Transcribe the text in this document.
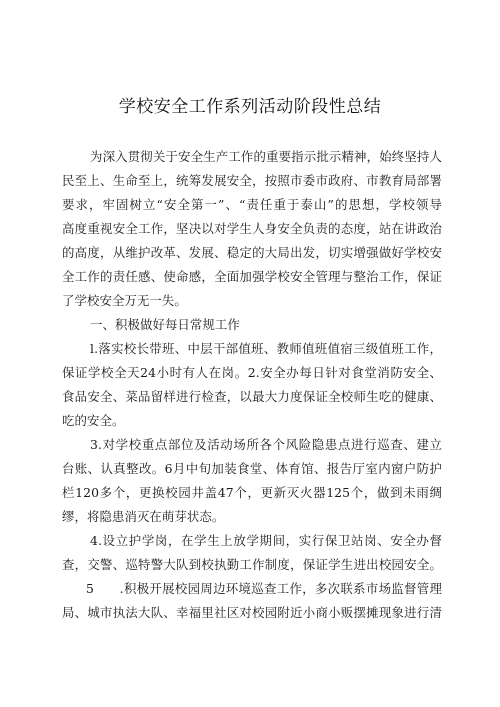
学校安全工作系列活动阶段性总结
为深入贯彻关于安全生产工作的重要指示批示精神，始终坚持人
民至上、生命至上，统筹发展安全，按照市委市政府、市教育局部署
要求，牢固树立“安全第一”、“责任重于泰山”的思想，学校领导
高度重视安全工作，坚决以对学生人身安全负责的态度，站在讲政治
的高度，从维护改革、发展、稳定的大局出发，切实增强做好学校安
全工作的责任感、使命感，全面加强学校安全管理与整治工作，保证
了学校安全万无一失。
一、积极做好每日常规工作
l.落实校长带班、中层干部值班、教师值班值宿三级值班工作，
保证学校全天24小时有人在岗。2.安全办每日针对食堂消防安全、
食品安全、菜品留样进行检查，以最大力度保证全校师生吃的健康、
吃的安全。
3.对学校重点部位及活动场所各个风险隐患点进行巡查、建立
台账、认真整改。6月中旬加装食堂、体育馆、报告厅室内窗户防护
栏120多个，更换校园井盖47个，更新灭火器125个，做到未雨绸
缪，将隐患消灭在萌芽状态。
4.设立护学岗，在学生上放学期间，实行保卫站岗、安全办督
查，交警、巡特警大队到校执勤工作制度，保证学生进出校园安全。
5　　.积极开展校园周边环境巡查工作，多次联系市场监督管理
局、城市执法大队、幸福里社区对校园附近小商小贩摆摊现象进行清
